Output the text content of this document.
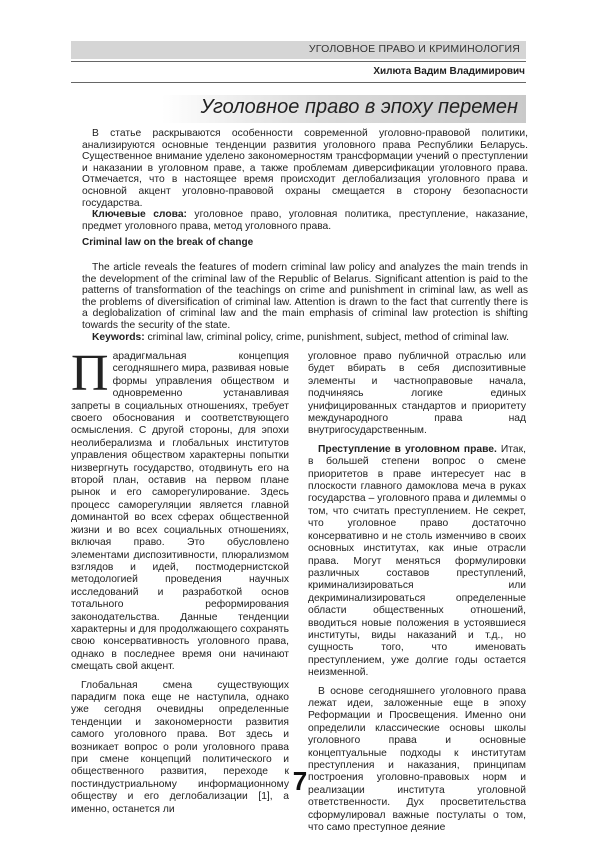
УГОЛОВНОЕ ПРАВО И КРИМИНОЛОГИЯ
Хилюта Вадим Владимирович
Уголовное право в эпоху перемен

В статье раскрываются особенности современной уголовно-правовой политики, анализируются основные тенденции развития уголовного права Республики Беларусь. Существенное внимание уделено закономерностям трансформации учений о преступлении и наказании в уголовном праве, а также проблемам диверсификации уголовного права. Отмечается, что в настоящее время происходит деглобализация уголовного права и основной акцент уголовно-правовой охраны смещается в сторону безопасности государства.

Ключевые слова: уголовное право, уголовная политика, преступление, наказание, предмет уголовного права, метод уголовного права.

Criminal law on the break of change

The article reveals the features of modern criminal law policy and analyzes the main trends in the development of the criminal law of the Republic of Belarus. Significant attention is paid to the patterns of transformation of the teachings on crime and punishment in criminal law, as well as the problems of diversification of criminal law. Attention is drawn to the fact that currently there is a deglobalization of criminal law and the main emphasis of criminal law protection is shifting towards the security of the state.

Keywords: criminal law, criminal policy, crime, punishment, subject, method of criminal law.

Парадигмальная концепция сегодняшнего мира, развивая новые формы управления обществом и одновременно устанавливая запреты в социальных отношениях, требует своего обоснования и соответствующего осмысления. С другой стороны, для эпохи неолиберализма и глобальных институтов управления обществом характерны попытки низвергнуть государство, отодвинуть его на второй план, оставив на первом плане рынок и его саморегулирование. Здесь процесс саморегуляции является главной доминантой во всех сферах общественной жизни и во всех социальных отношениях, включая право. Это обусловлено элементами диспозитивности, плюрализмом взглядов и идей, постмодернистской методологией проведения научных исследований и разработкой основ тотального реформирования законодательства. Данные тенденции характерны и для продолжающего сохранять свою консервативность уголовного права, однако в последнее время они начинают смещать свой акцент.

Глобальная смена существующих парадигм пока еще не наступила, однако уже сегодня очевидны определенные тенденции и закономерности развития самого уголовного права. Вот здесь и возникает вопрос о роли уголовного права при смене концепций политического и общественного развития, переходе к постиндустриальному информационному обществу и его деглобализации [1], а именно, останется ли

уголовное право публичной отраслью или будет вбирать в себя диспозитивные элементы и частноправовые начала, подчиняясь логике единых унифицированных стандартов и приоритету международного права над внутригосударственным.

Преступление в уголовном праве. Итак, в большей степени вопрос о смене приоритетов в праве интересует нас в плоскости главного дамоклова меча в руках государства – уголовного права и дилеммы о том, что считать преступлением. Не секрет, что уголовное право достаточно консервативно и не столь изменчиво в своих основных институтах, как иные отрасли права. Могут меняться формулировки различных составов преступлений, криминализироваться или декриминализироваться определенные области общественных отношений, вводиться новые положения в устоявшиеся институты, виды наказаний и т.д., но сущность того, что именовать преступлением, уже долгие годы остается неизменной.

В основе сегодняшнего уголовного права лежат идеи, заложенные еще в эпоху Реформации и Просвещения. Именно они определили классические основы школы уголовного права и основные концептуальные подходы к институтам преступления и наказания, принципам построения уголовно-правовых норм и реализации института уголовной ответственности. Дух просветительства сформулировал важные постулаты о том, что само преступное деяние

7
